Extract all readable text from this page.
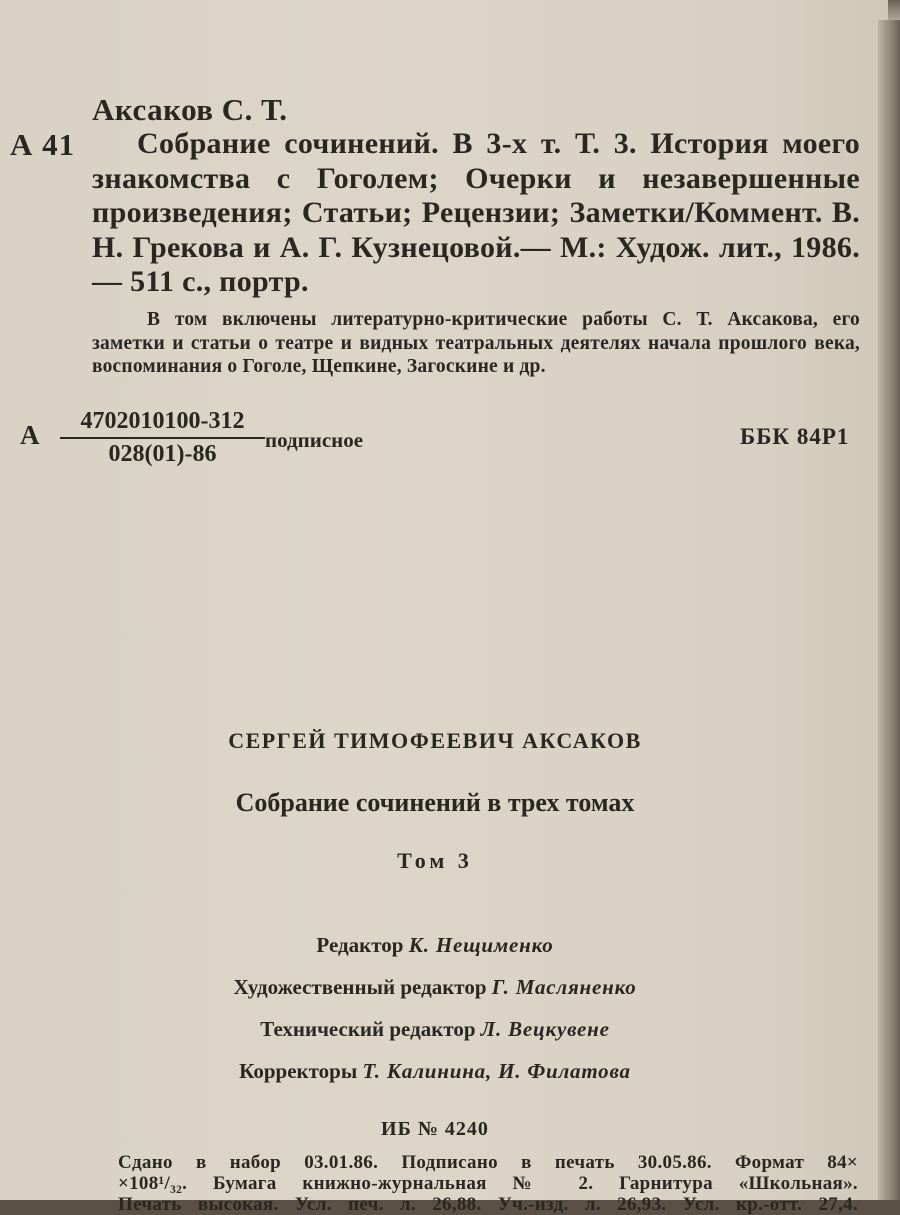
Аксаков С. Т.
А 41	Собрание сочинений. В 3-х т. Т. 3. История моего знакомства с Гоголем; Очерки и незавершенные произведения; Статьи; Рецензии; Заметки/Коммент. В. Н. Грекова и А. Г. Кузнецовой.— М.: Худож. лит., 1986.— 511 с., портр.
В том включены литературно-критические работы С. Т. Аксакова, его заметки и статьи о театре и видных театральных деятелях начала прошлого века, воспоминания о Гоголе, Щепкине, Загоскине и др.
А	4702010100-312
028(01)-86
подписное	ББК 84Р1
СЕРГЕЙ ТИМОФЕЕВИЧ АКСАКОВ
Собрание сочинений в трех томах
Том 3
Редактор К. Нещименко
Художественный редактор Г. Масляненко
Технический редактор Л. Вецкувене
Корректоры Т. Калинина, И. Филатова
ИБ № 4240
Сдано в набор 03.01.86. Подписано в печать 30.05.86. Формат 84×
×108¹/₃₂. Бумага книжно-журнальная № 2. Гарнитура «Школьная».
Печать высокая. Усл. печ. л. 26,88. Уч.-изд. л. 26,93. Усл. кр.-отт. 27,4.
